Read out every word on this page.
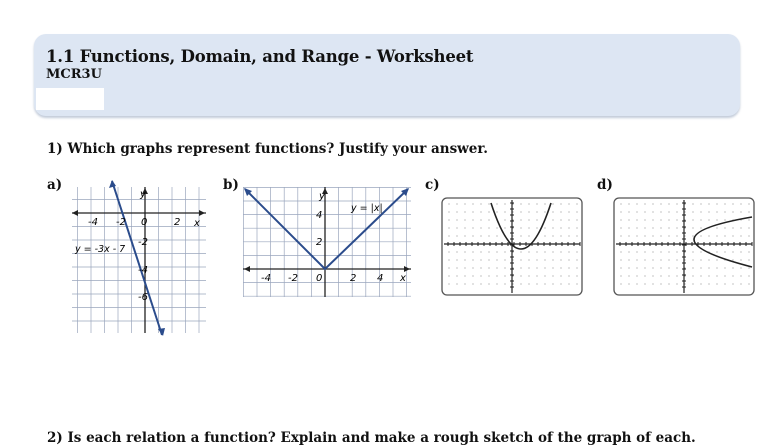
1.1 Functions, Domain, and Range - Worksheet
MCR3U
1) Which graphs represent functions? Justify your answer.
a)	b)	c)	d)
y
x
-4 -2 0	2
-2
-4
-6
y = -3x - 7
y
x
-4 -2 0	2 4
4
2
y = |x|
2) Is each relation a function? Explain and make a rough sketch of the graph of each.
